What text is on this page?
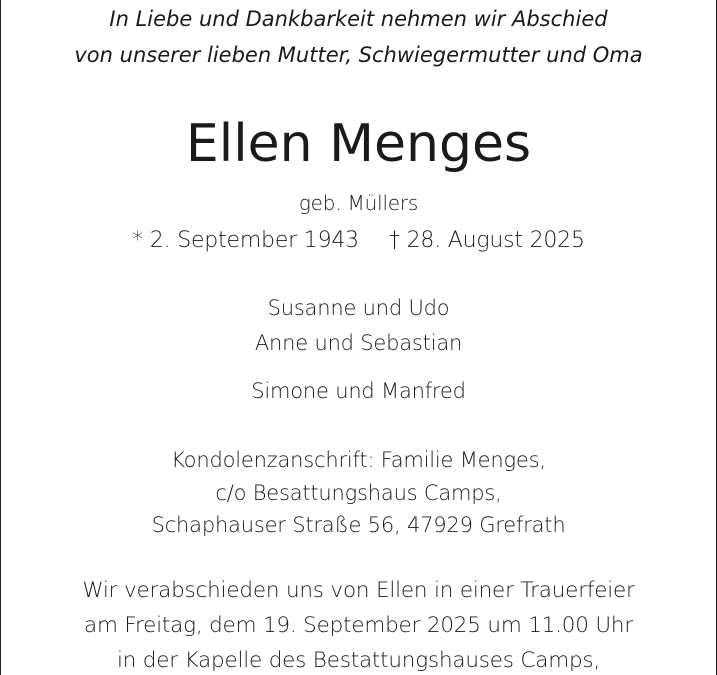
In Liebe und Dankbarkeit nehmen wir Abschied
von unserer lieben Mutter, Schwiegermutter und Oma
Ellen Menges
geb. Müllers
* 2. September 1943 † 28. August 2025
Susanne und Udo
Anne und Sebastian
Simone und Manfred
Kondolenzanschrift: Familie Menges,
c/o Besattungshaus Camps,
Schaphauser Straße 56, 47929 Grefrath
Wir verabschieden uns von Ellen in einer Trauerfeier
am Freitag, dem 19. September 2025 um 11.00 Uhr
in der Kapelle des Bestattungshauses Camps,
